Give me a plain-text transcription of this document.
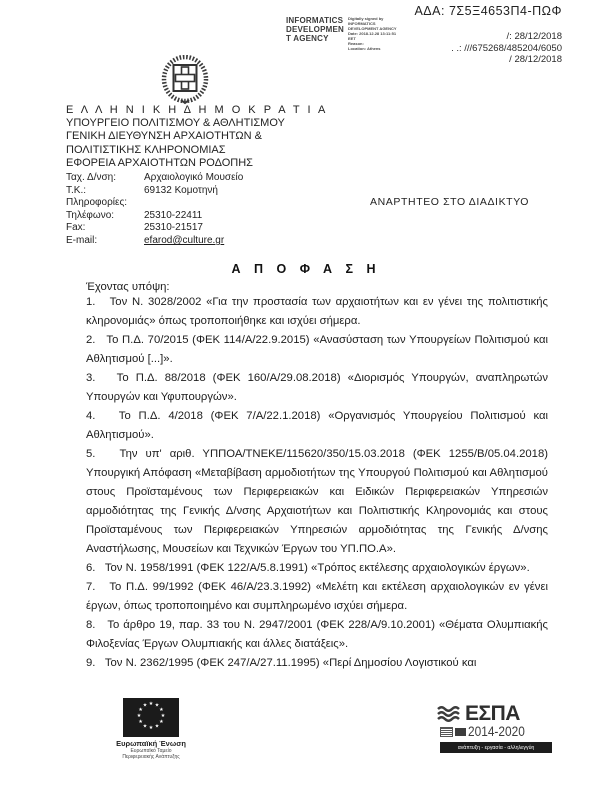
ΑΔΑ: 7Σ5Ξ4653Π4-ΠΩΦ
INFORMATICS
DEVELOPMEN
T AGENCY
Digitally signed by
INFORMATICS
DEVELOPMENT AGENCY
Date: 2018.12.28 13:11:51
EET
Reason:
Location: Athens
/: 28/12/2018
. .: ///675268/485204/6050
/ 28/12/2018
Ε Λ Λ Η Ν Ι Κ Η Δ Η Μ Ο Κ Ρ Α Τ Ι Α
ΥΠΟΥΡΓΕΙΟ ΠΟΛΙΤΙΣΜΟΥ & ΑΘΛΗΤΙΣΜΟΥ
ΓΕΝΙΚΗ ΔΙΕΥΘΥΝΣΗ ΑΡΧΑΙΟΤΗΤΩΝ &
ΠΟΛΙΤΙΣΤΙΚΗΣ ΚΛΗΡΟΝΟΜΙΑΣ
ΕΦΟΡΕΙΑ ΑΡΧΑΙΟΤΗΤΩΝ ΡΟΔΟΠΗΣ
Ταχ. Δ/νση:	Αρχαιολογικό Μουσείο
Τ.Κ.:	69132 Κομοτηνή
Πληροφορίες:
Τηλέφωνο:	25310-22411
Fax:	25310-21517
E-mail:	efarod@culture.gr
ΑΝΑΡΤΗΤΕΟ ΣΤΟ ΔΙΑΔΙΚΤΥΟ
Α Π Ο Φ Α Σ Η
Έχοντας υπόψη:

1.   Τον Ν. 3028/2002 «Για την προστασία των αρχαιοτήτων και εν γένει της πολιτιστικής κληρονομιάς» όπως τροποποιήθηκε και ισχύει σήμερα.

2.   Το Π.Δ. 70/2015 (ΦΕΚ 114/Α/22.9.2015) «Ανασύσταση των Υπουργείων Πολιτισμού και Αθλητισμού [...]».

3.   Το Π.Δ. 88/2018 (ΦΕΚ 160/Α/29.08.2018) «Διορισμός Υπουργών, αναπληρωτών Υπουργών και Υφυπουργών».

4.   Το Π.Δ. 4/2018 (ΦΕΚ 7/Α/22.1.2018) «Οργανισμός Υπουργείου Πολιτισμού και Αθλητισμού».

5.   Την υπ' αριθ. ΥΠΠΟΑ/ΤΝΕΚΕ/115620/350/15.03.2018 (ΦΕΚ 1255/Β/05.04.2018) Υπουργική Απόφαση «Μεταβίβαση αρμοδιοτήτων της Υπουργού Πολιτισμού και Αθλητισμού στους Προϊσταμένους των Περιφερειακών και Ειδικών Περιφερειακών Υπηρεσιών αρμοδιότητας της Γενικής Δ/νσης Αρχαιοτήτων και Πολιτιστικής Κληρονομιάς και στους Προϊσταμένους των Περιφερειακών Υπηρεσιών αρμοδιότητας της Γενικής Δ/νσης Αναστήλωσης, Μουσείων και Τεχνικών Έργων του ΥΠ.ΠΟ.Α».

6.   Τον Ν. 1958/1991 (ΦΕΚ 122/Α/5.8.1991) «Τρόπος εκτέλεσης αρχαιολογικών έργων».

7.   Το Π.Δ. 99/1992 (ΦΕΚ 46/Α/23.3.1992) «Μελέτη και εκτέλεση αρχαιολογικών εν γένει έργων, όπως τροποποιημένο και συμπληρωμένο ισχύει σήμερα.

8.   Το άρθρο 19, παρ. 33 του Ν. 2947/2001 (ΦΕΚ 228/Α/9.10.2001) «Θέματα Ολυμπιακής Φιλοξενίας Έργων Ολυμπιακής και άλλες διατάξεις».

9.   Τον Ν. 2362/1995 (ΦΕΚ 247/Α/27.11.1995) «Περί Δημοσίου Λογιστικού και

★ ★
★
★
★
★
★
★
★
★
★
★
Ευρωπαϊκή Ένωση
Ευρωπαϊκό Ταμείο
Περιφερειακής Ανάπτυξης
ΕΣΠΑ
2014-2020
ανάπτυξη - εργασία - αλληλεγγύη
